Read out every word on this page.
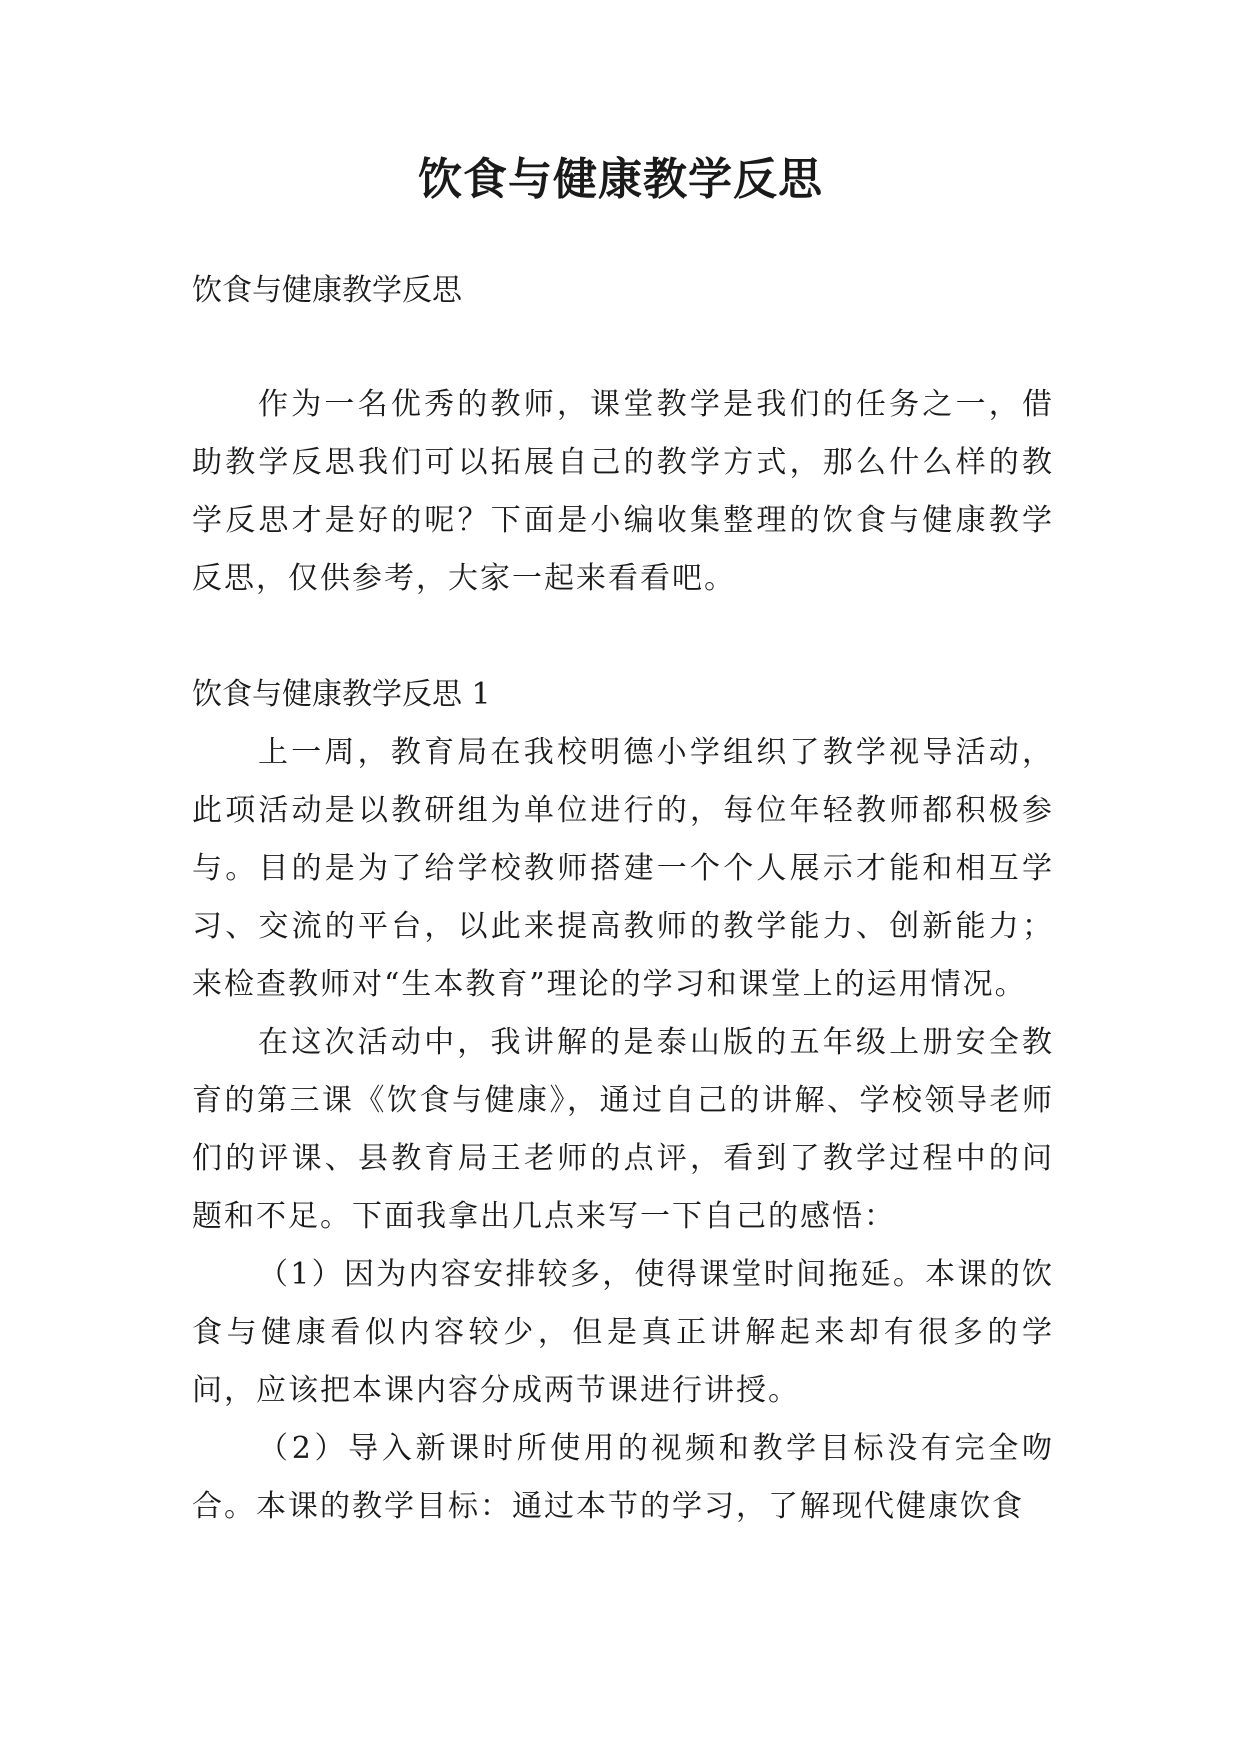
饮食与健康教学反思

饮食与健康教学反思

作为一名优秀的教师，课堂教学是我们的任务之一，借助教学反思我们可以拓展自己的教学方式，那么什么样的教学反思才是好的呢？下面是小编收集整理的饮食与健康教学反思，仅供参考，大家一起来看看吧。

饮食与健康教学反思 1

上一周，教育局在我校明德小学组织了教学视导活动，此项活动是以教研组为单位进行的，每位年轻教师都积极参与。目的是为了给学校教师搭建一个个人展示才能和相互学习、交流的平台，以此来提高教师的教学能力、创新能力；来检查教师对“生本教育”理论的学习和课堂上的运用情况。

在这次活动中，我讲解的是泰山版的五年级上册安全教育的第三课《饮食与健康》，通过自己的讲解、学校领导老师们的评课、县教育局王老师的点评，看到了教学过程中的问题和不足。下面我拿出几点来写一下自己的感悟：

（1）因为内容安排较多，使得课堂时间拖延。本课的饮食与健康看似内容较少，但是真正讲解起来却有很多的学问，应该把本课内容分成两节课进行讲授。

（2）导入新课时所使用的视频和教学目标没有完全吻合。本课的教学目标：通过本节的学习，了解现代健康饮食
